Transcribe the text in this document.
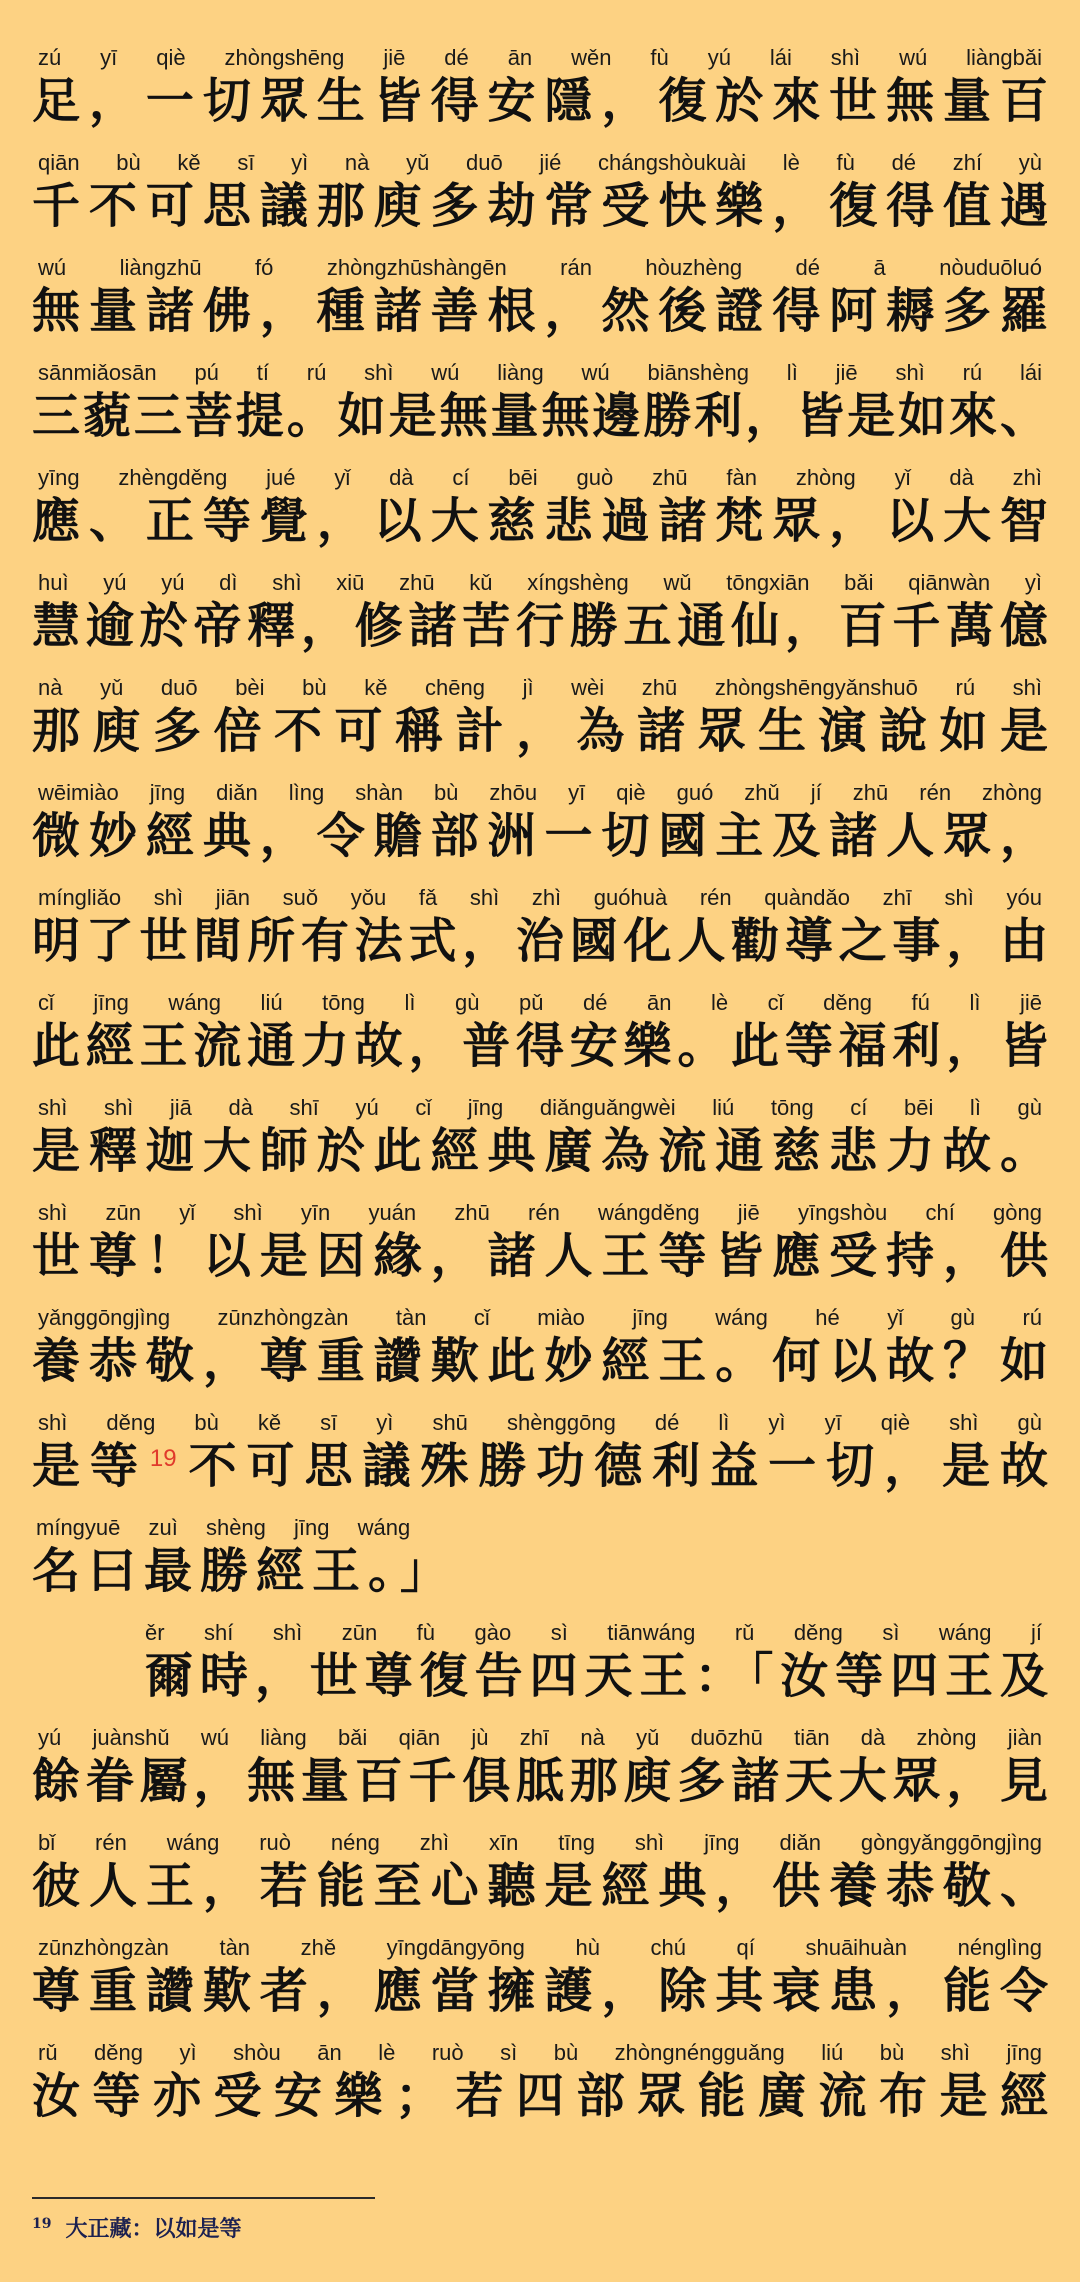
zú yī qiè zhòngshēng jiē dé ān wěn fù yú lái shì wú liàngbǎi
足，一切眾生皆得安隱，復於來世無量百
qiān bù kě sī yì nà yǔ duō jié chángshòukuài lè fù dé zhí yù
千不可思議那庾多劫常受快樂，復得值遇
wú liàngzhū fó zhòngzhūshàngēn rán hòuzhèng dé ā nòuduōluó
無量諸佛，種諸善根，然後證得阿耨多羅
sānmiǎosān pú tí rú shì wú liàng wú biānshèng lì jiē shì rú lái
三藐三菩提。如是無量無邊勝利，皆是如來、
yīng zhèngděng jué yǐ dà cí bēi guò zhū fàn zhòng yǐ dà zhì
應、正等覺，以大慈悲過諸梵眾，以大智
huì yú yú dì shì xiū zhū kǔ xíngshèng wǔ tōngxiān bǎi qiānwàn yì
慧逾於帝釋，修諸苦行勝五通仙，百千萬億
nà yǔ duō bèi bù kě chēng jì wèi zhū zhòngshēngyǎnshuō rú shì
那庾多倍不可稱計，為諸眾生演說如是
wēimiào jīng diǎn lìng shàn bù zhōu yī qiè guó zhǔ jí zhū rén zhòng
微妙經典，令贍部洲一切國主及諸人眾，
míngliǎo shì jiān suǒ yǒu fǎ shì zhì guóhuà rén quàndǎo zhī shì yóu
明了世間所有法式，治國化人勸導之事，由
cǐ jīng wáng liú tōng lì gù pǔ dé ān lè cǐ děng fú lì jiē
此經王流通力故，普得安樂。此等福利，皆
shì shì jiā dà shī yú cǐ jīng diǎnguǎngwèi liú tōng cí bēi lì gù
是釋迦大師於此經典廣為流通慈悲力故。
shì zūn yǐ shì yīn yuán zhū rén wángděng jiē yīngshòu chí gòng
世尊！以是因緣，諸人王等皆應受持，供
yǎnggōngjìng zūnzhòngzàn tàn cǐ miào jīng wáng hé yǐ gù rú
養恭敬，尊重讚歎此妙經王。何以故？如
shì děng bù kě sī yì shū shènggōng dé lì yì yī qiè shì gù
是等$^{19}$不可思議殊勝功德利益一切，是故
míngyuē zuì shèng jīng wáng
名曰最勝經王。」
ěr shí shì zūn fù gào sì tiānwáng rǔ děng sì wáng jí
爾時，世尊復告四天王：「汝等四王及
yú juànshǔ wú liàng bǎi qiān jù zhī nà yǔ duōzhū tiān dà zhòng jiàn
餘眷屬，無量百千俱胝那庾多諸天大眾，見
bǐ rén wáng ruò néng zhì xīn tīng shì jīng diǎn gòngyǎnggōngjìng
彼人王，若能至心聽是經典，供養恭敬、
zūnzhòngzàn tàn zhě yīngdāngyōng hù chú qí shuāihuàn nénglìng
尊重讚歎者，應當擁護，除其衰患，能令
rǔ děng yì shòu ān lè ruò sì bù zhòngnéngguǎng liú bù shì jīng
汝等亦受安樂；若四部眾能廣流布是經
$^{19}$ 大正藏：以如是等
